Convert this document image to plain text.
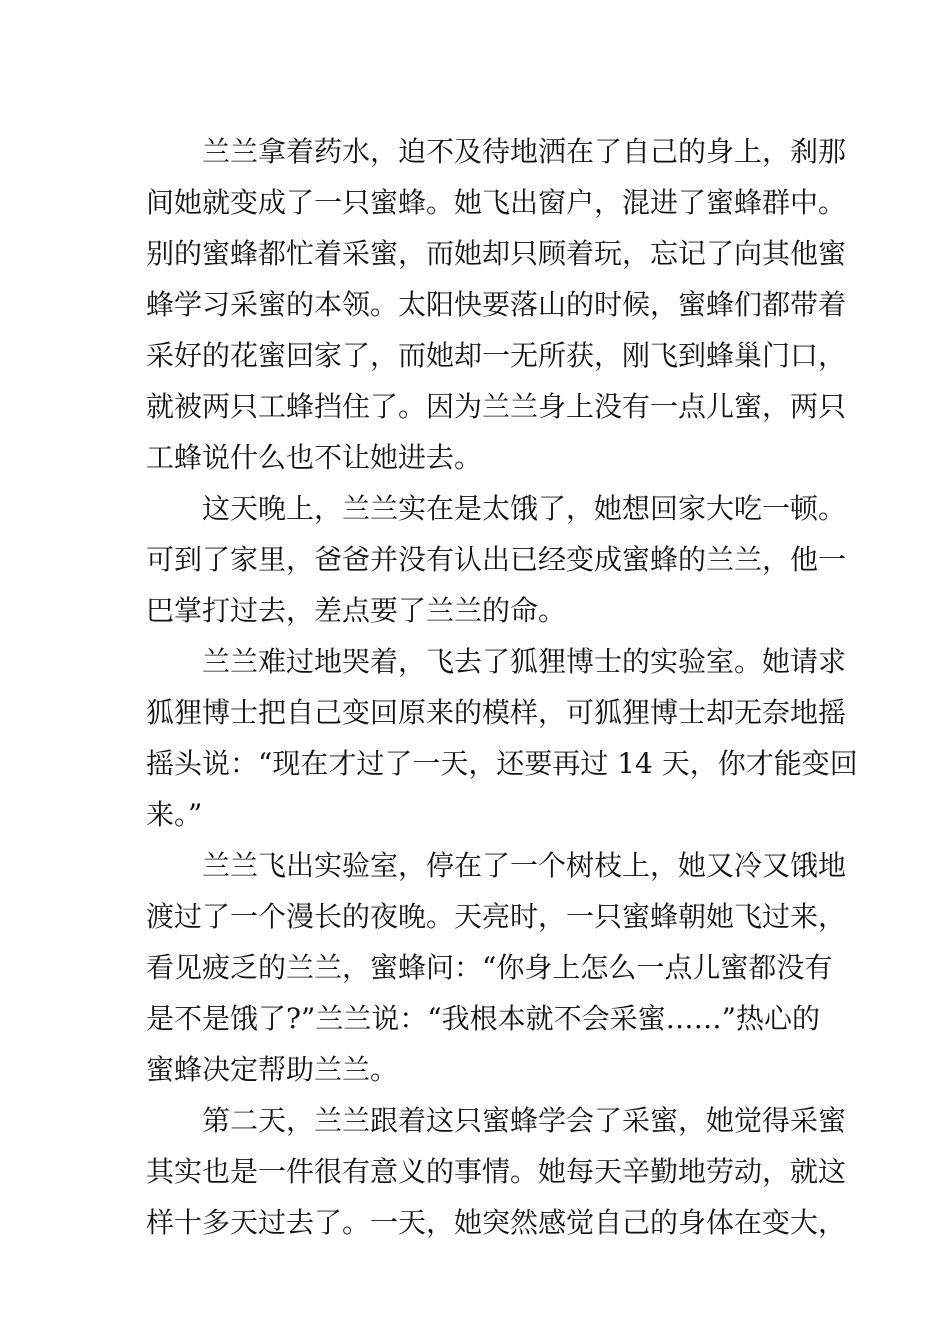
兰兰拿着药水，迫不及待地洒在了自己的身上，刹那
间她就变成了一只蜜蜂。她飞出窗户，混进了蜜蜂群中。
别的蜜蜂都忙着采蜜，而她却只顾着玩，忘记了向其他蜜
蜂学习采蜜的本领。太阳快要落山的时候，蜜蜂们都带着
采好的花蜜回家了，而她却一无所获，刚飞到蜂巢门口，
就被两只工蜂挡住了。因为兰兰身上没有一点儿蜜，两只
工蜂说什么也不让她进去。
这天晚上，兰兰实在是太饿了，她想回家大吃一顿。
可到了家里，爸爸并没有认出已经变成蜜蜂的兰兰，他一
巴掌打过去，差点要了兰兰的命。
兰兰难过地哭着，飞去了狐狸博士的实验室。她请求
狐狸博士把自己变回原来的模样，可狐狸博士却无奈地摇
摇头说：“现在才过了一天，还要再过 14 天，你才能变回
来。”
兰兰飞出实验室，停在了一个树枝上，她又冷又饿地
渡过了一个漫长的夜晚。天亮时，一只蜜蜂朝她飞过来，
看见疲乏的兰兰，蜜蜂问：“你身上怎么一点儿蜜都没有
是不是饿了?”兰兰说：“我根本就不会采蜜……”热心的
蜜蜂决定帮助兰兰。
第二天，兰兰跟着这只蜜蜂学会了采蜜，她觉得采蜜
其实也是一件很有意义的事情。她每天辛勤地劳动，就这
样十多天过去了。一天，她突然感觉自己的身体在变大，
